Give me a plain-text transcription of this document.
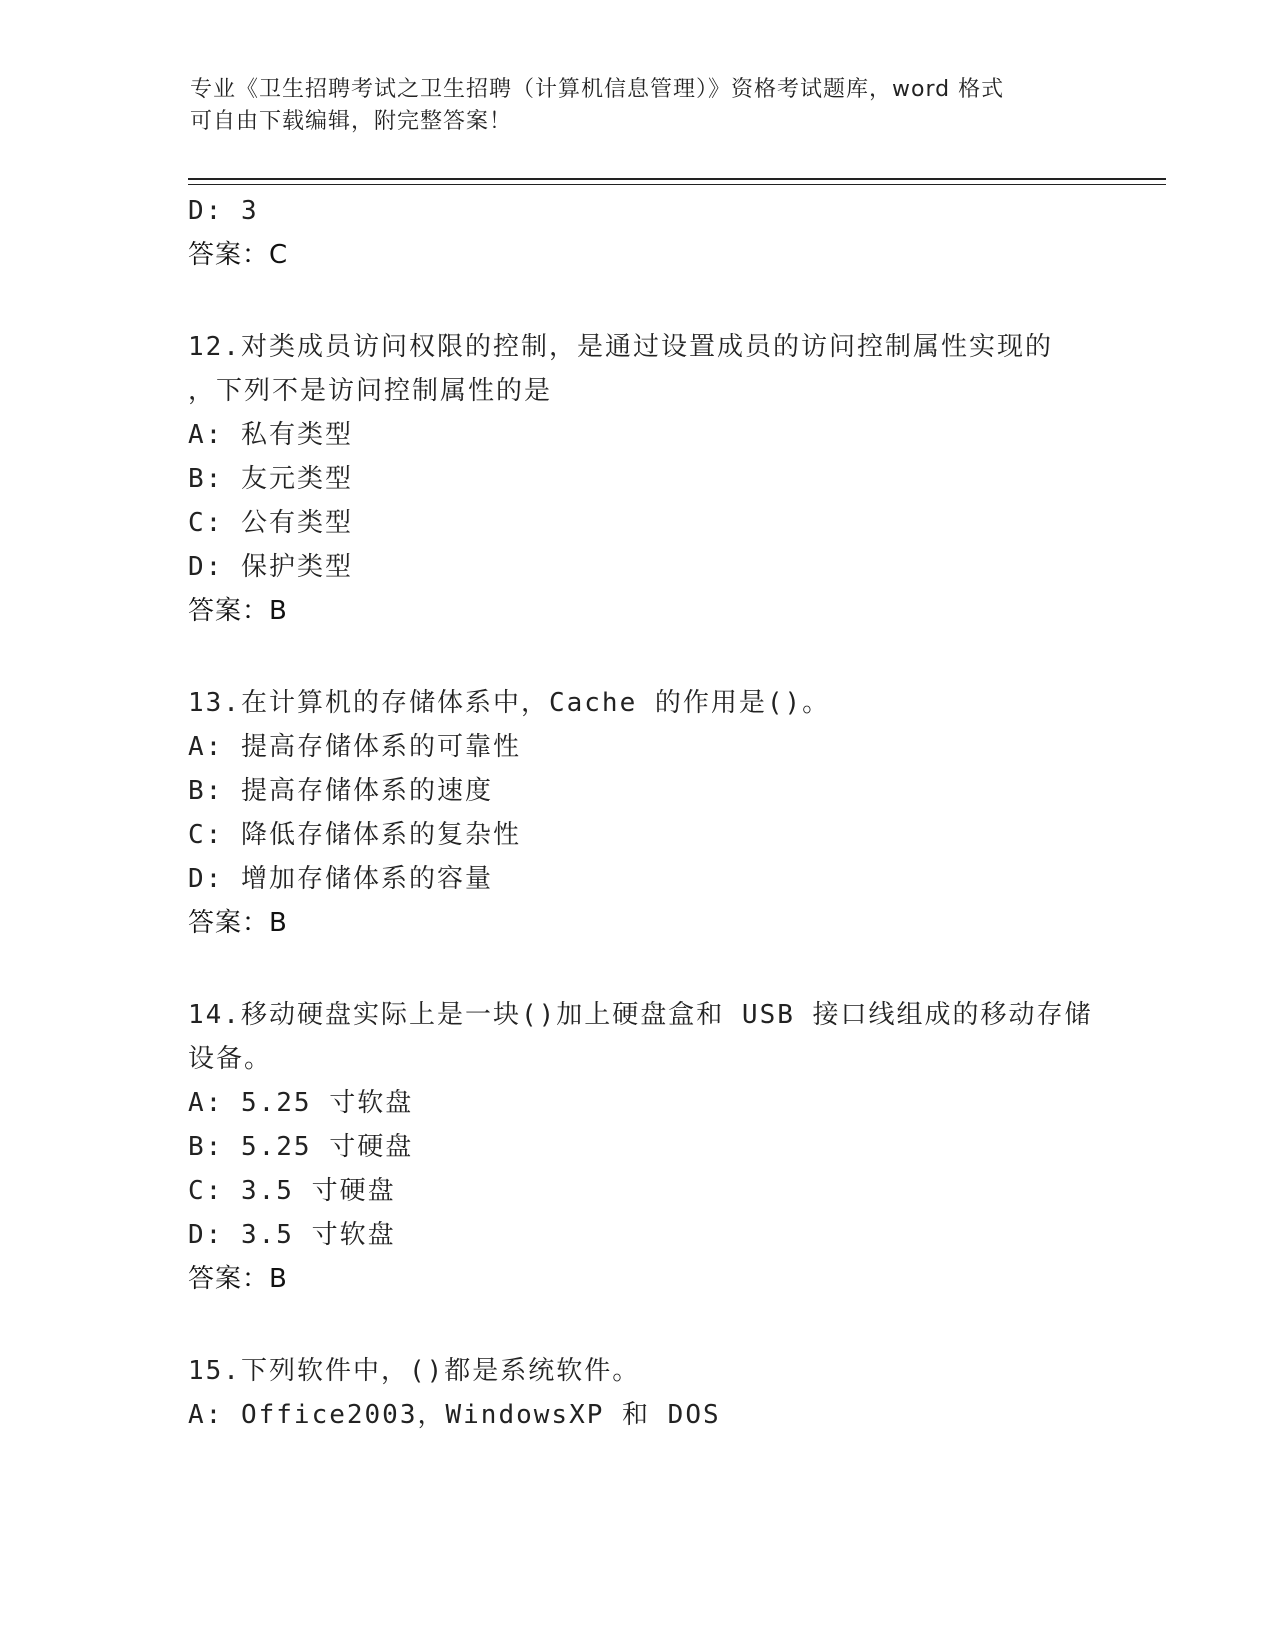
专业《卫生招聘考试之卫生招聘（计算机信息管理）》资格考试题库，word 格式
可自由下载编辑，附完整答案！
D: 3
答案：C
12.对类成员访问权限的控制，是通过设置成员的访问控制属性实现的
，下列不是访问控制属性的是
A: 私有类型
B: 友元类型
C: 公有类型
D: 保护类型
答案：B
13.在计算机的存储体系中，Cache 的作用是()。
A: 提高存储体系的可靠性
B: 提高存储体系的速度
C: 降低存储体系的复杂性
D: 增加存储体系的容量
答案：B
14.移动硬盘实际上是一块()加上硬盘盒和 USB 接口线组成的移动存储
设备。
A: 5.25 寸软盘
B: 5.25 寸硬盘
C: 3.5 寸硬盘
D: 3.5 寸软盘
答案：B
15.下列软件中，()都是系统软件。
A: Office2003，WindowsXP 和 DOS
